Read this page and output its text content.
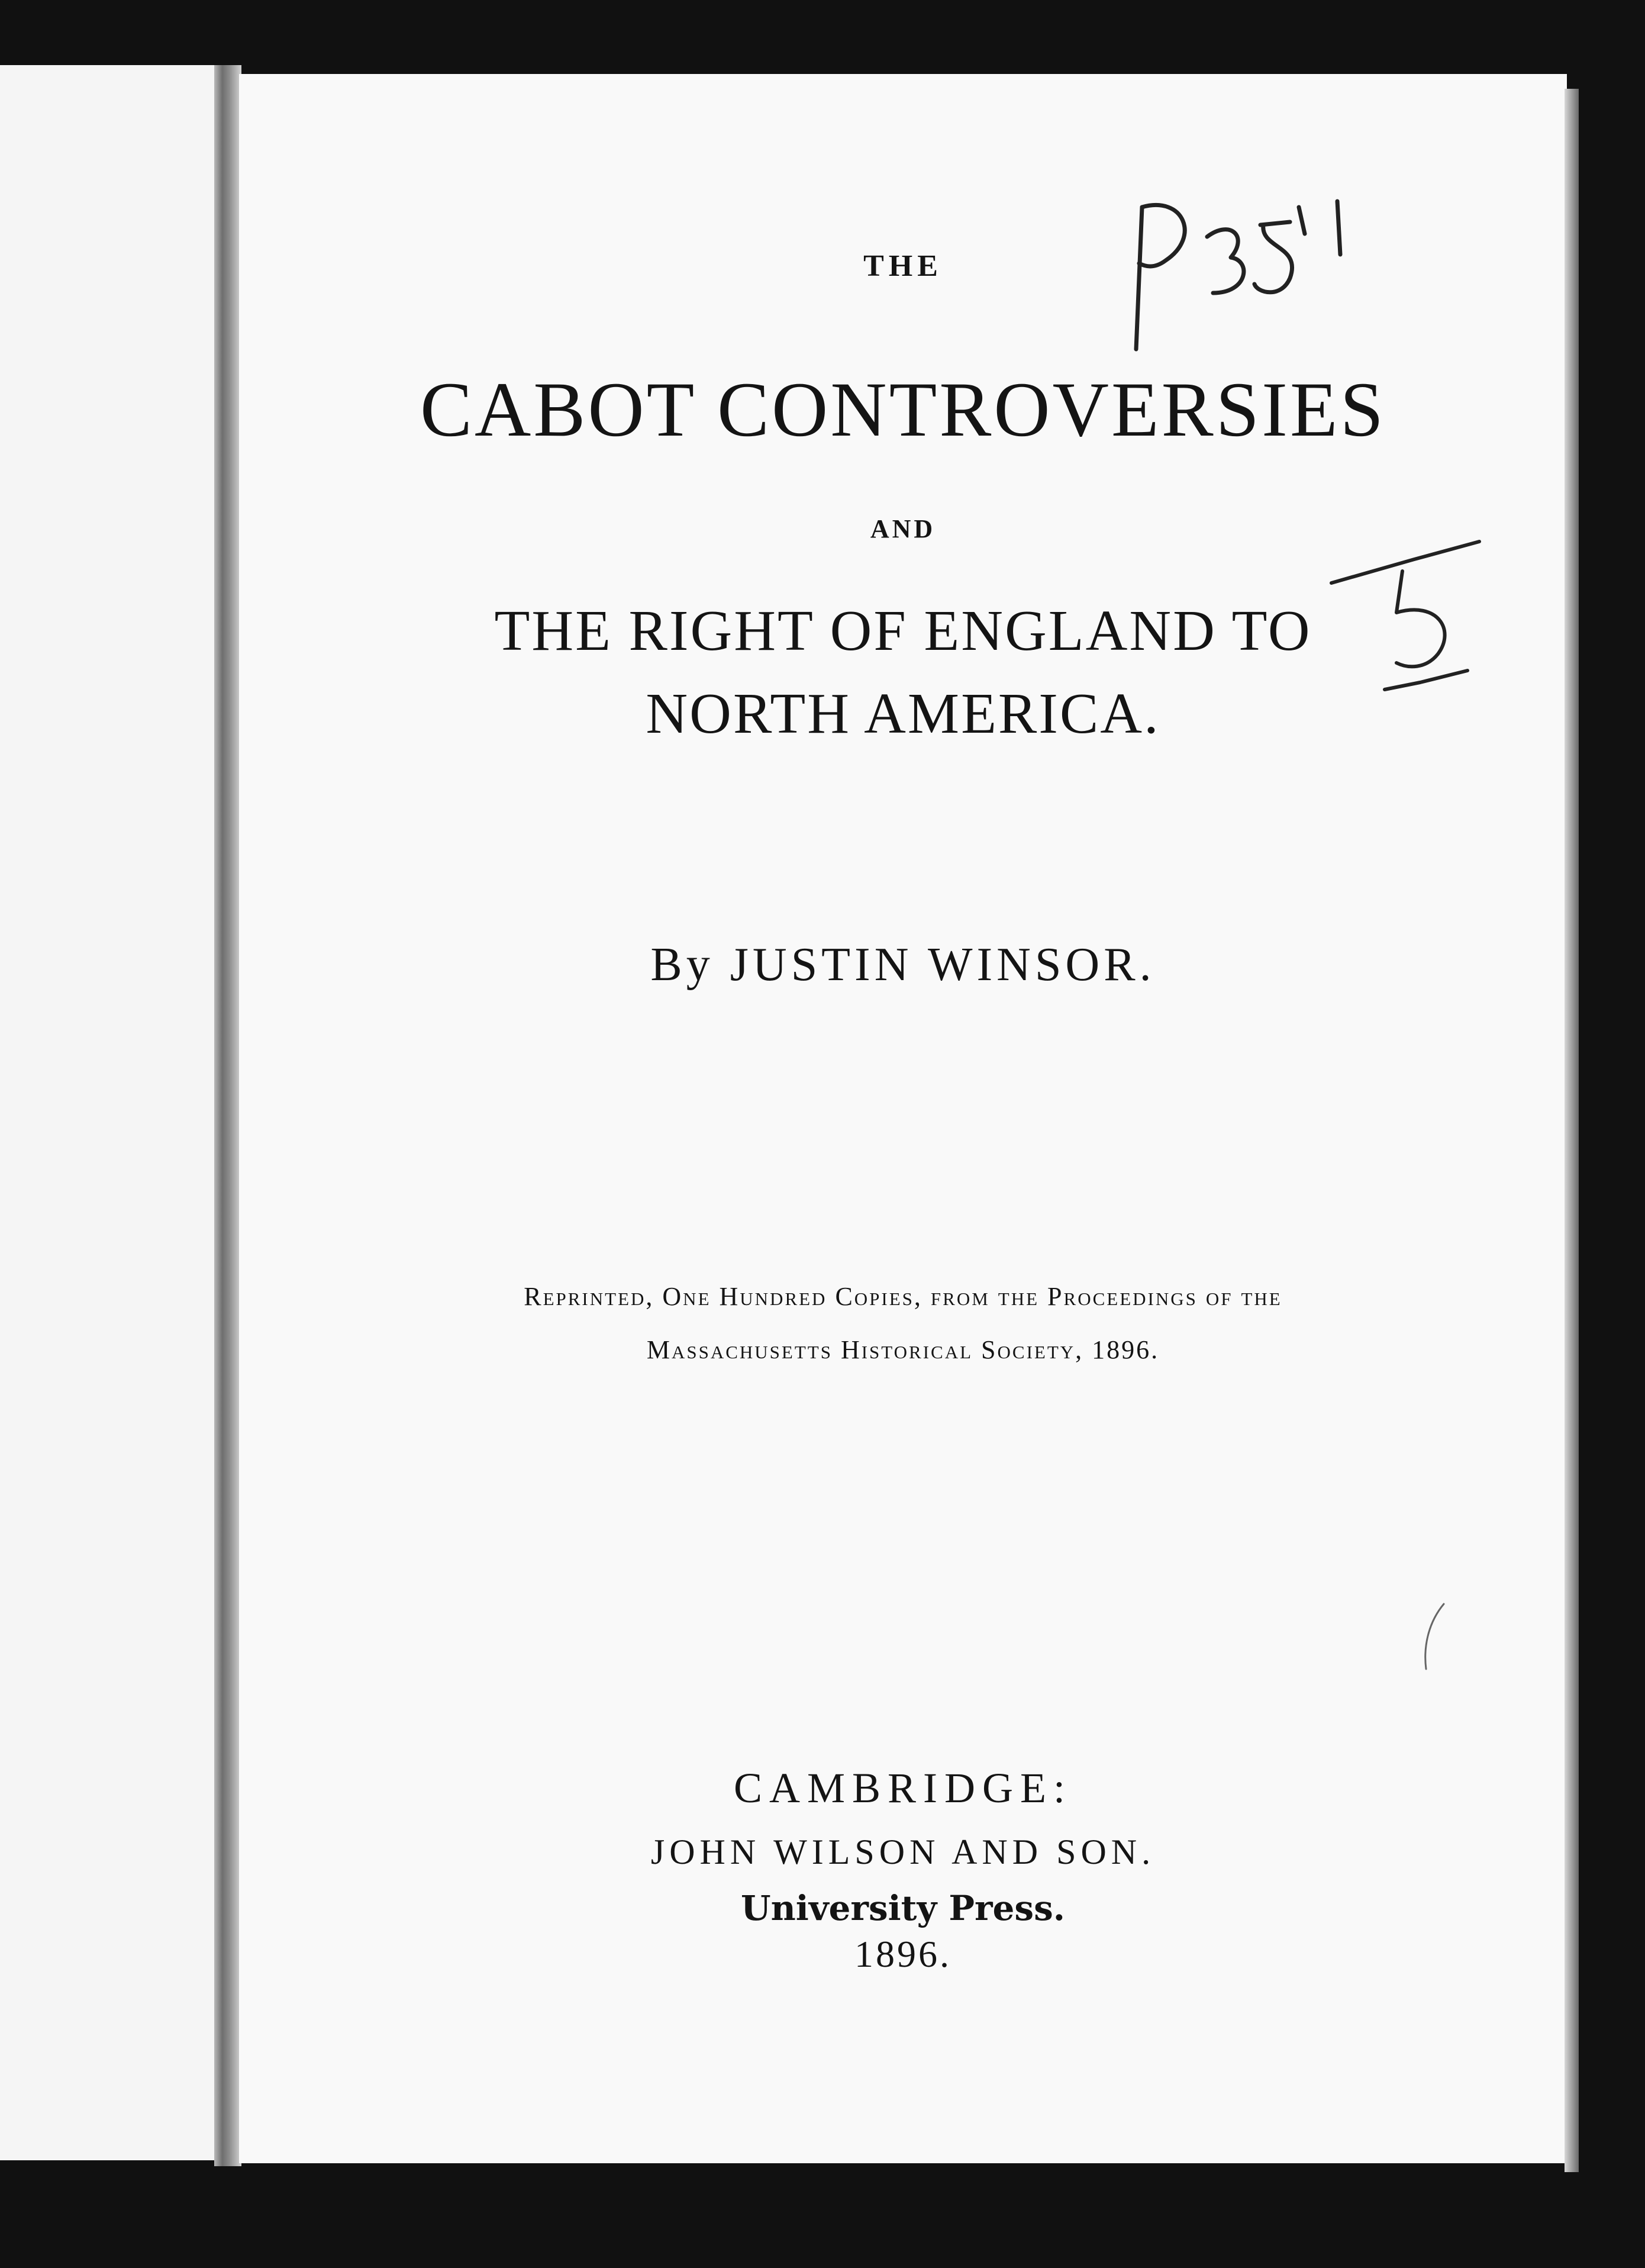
THE
CABOT CONTROVERSIES
AND
THE RIGHT OF ENGLAND TO
NORTH AMERICA.
By JUSTIN WINSOR.
Reprinted, One Hundred Copies, from the Proceedings of the
Massachusetts Historical Society, 1896.
CAMBRIDGE:
JOHN WILSON AND SON.
University Press.
1896.
